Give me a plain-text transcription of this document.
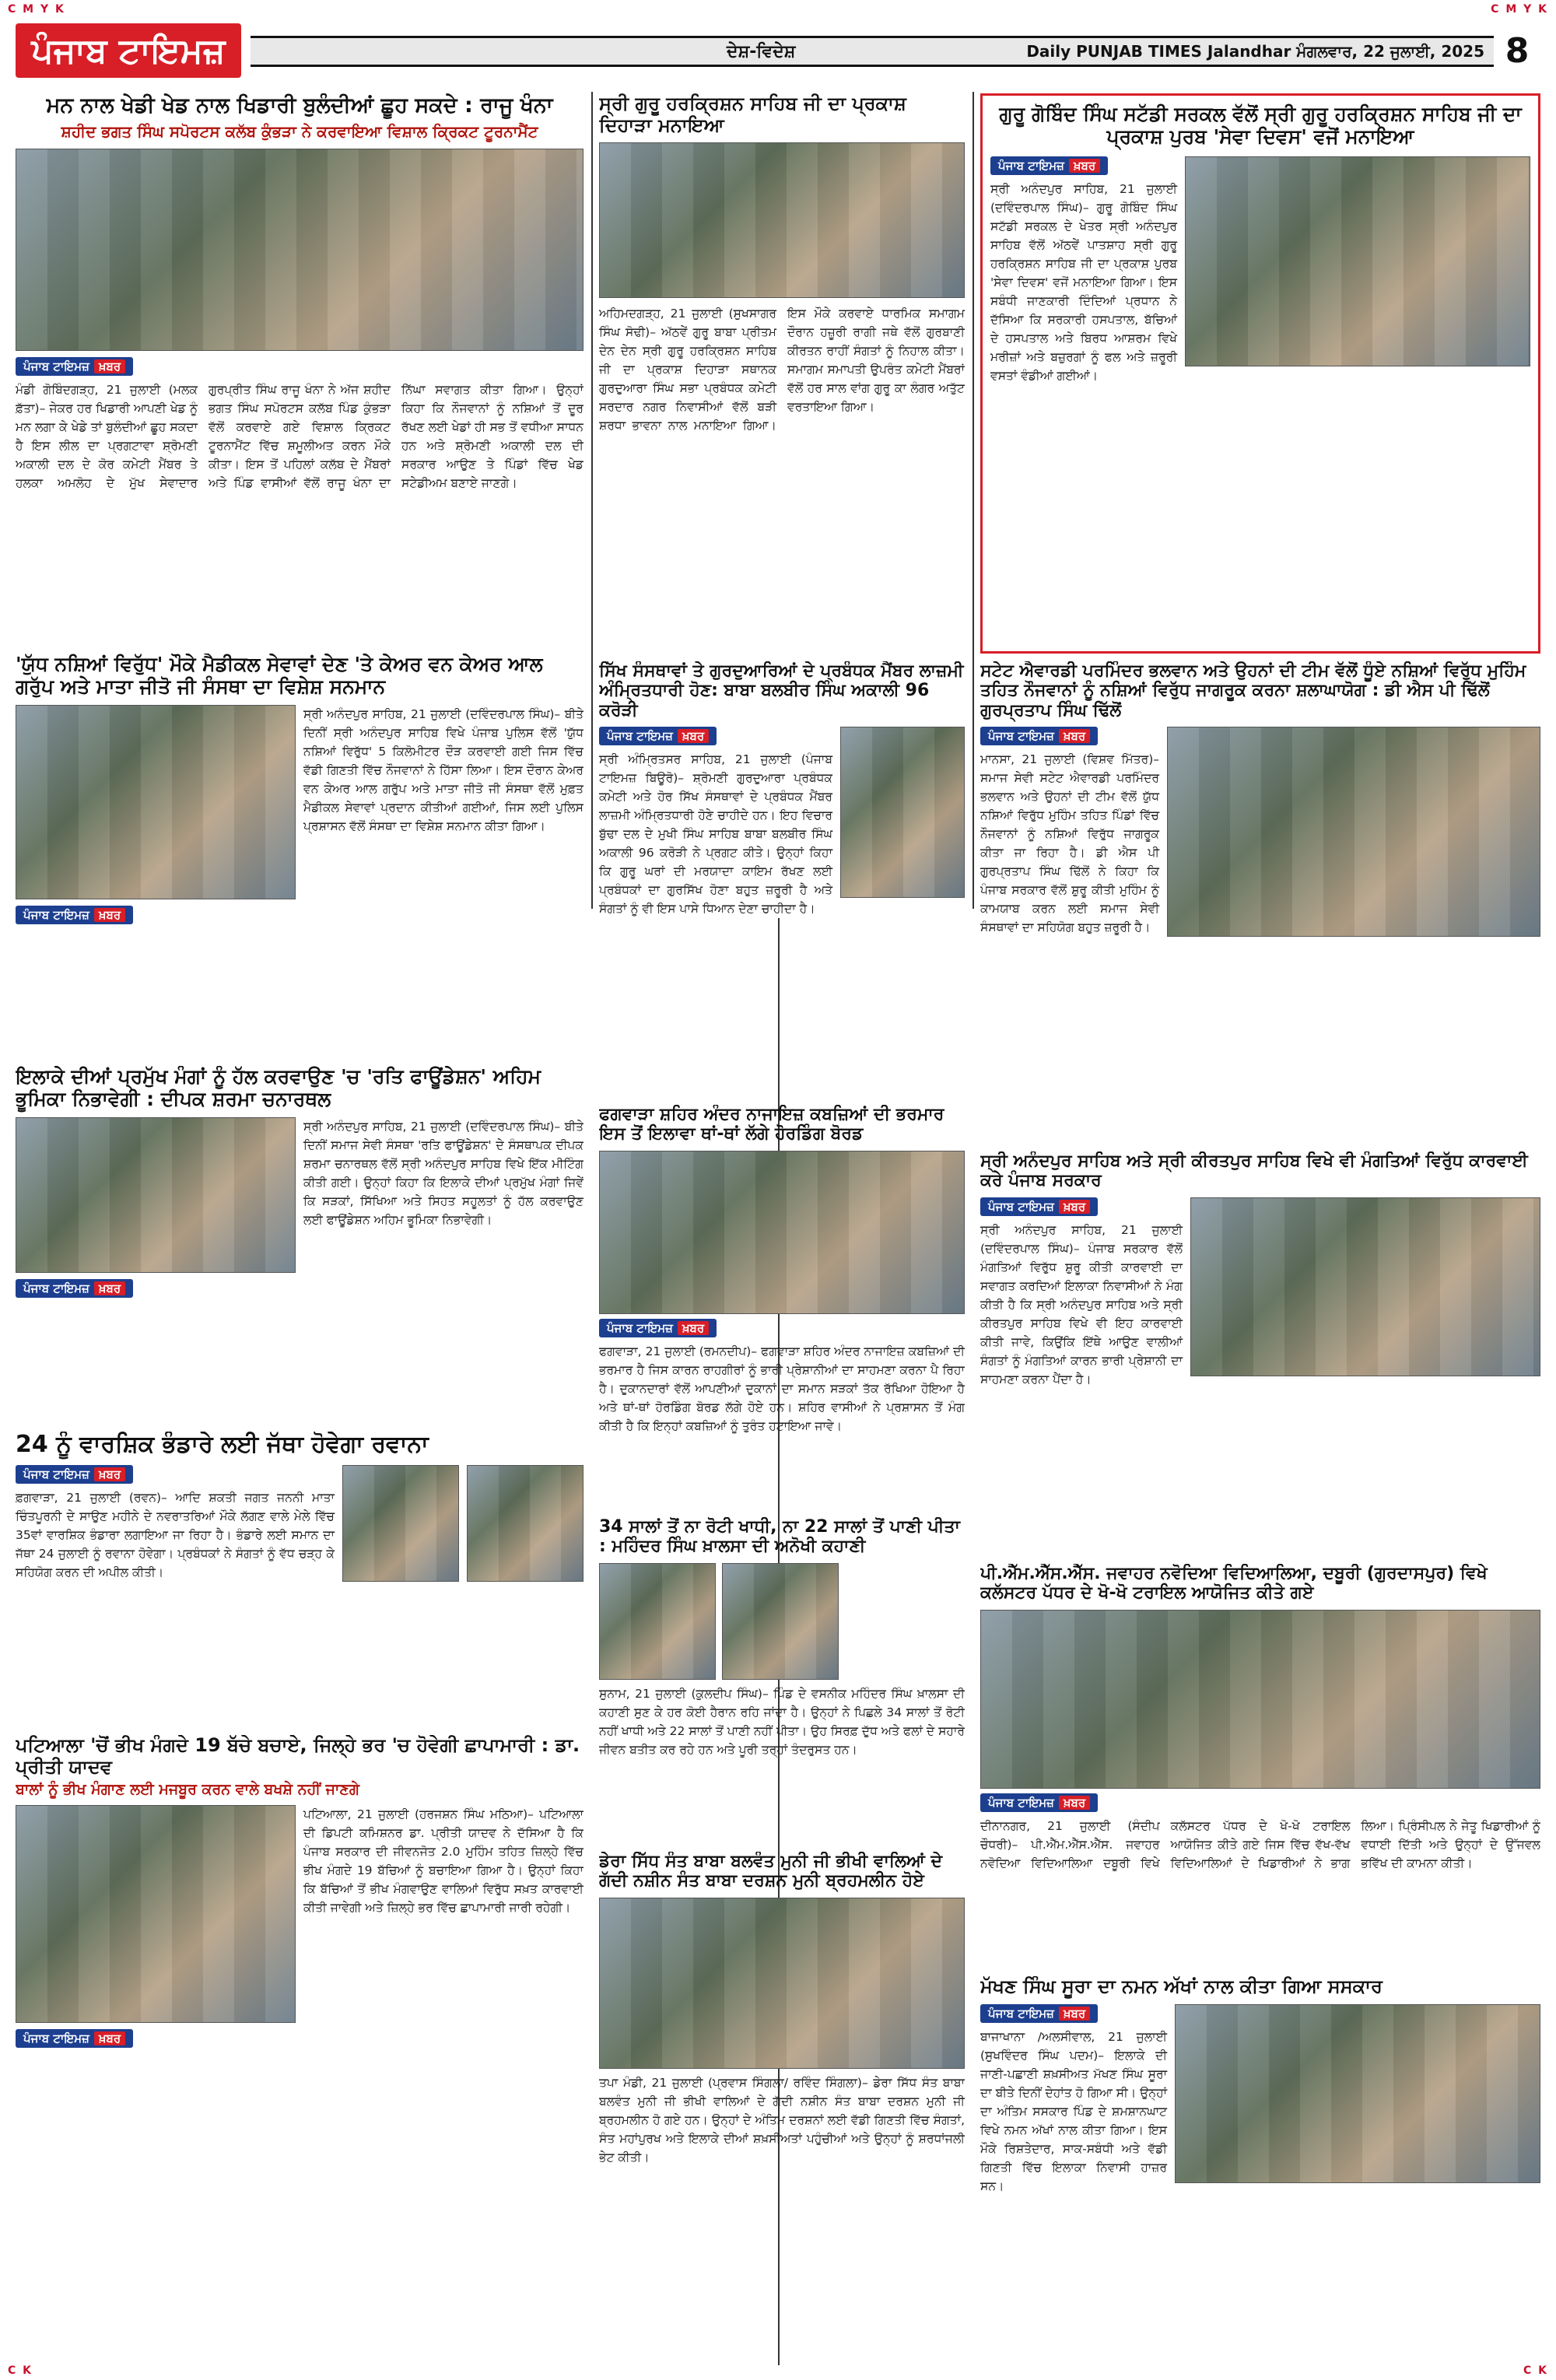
C M Y K	C M Y K
C K	C K
ਪੰਜਾਬ ਟਾਇਮਜ਼	ਦੇਸ਼-ਵਿਦੇਸ਼	Daily PUNJAB TIMES Jalandhar ਮੰਗਲਵਾਰ, 22 ਜੁਲਾਈ, 2025 8
ਮਨ ਨਾਲ ਖੇਡੀ ਖੇਡ ਨਾਲ ਖਿਡਾਰੀ ਬੁਲੰਦੀਆਂ ਛੂਹ ਸਕਦੇ : ਰਾਜੂ ਖੰਨਾ
ਸ਼ਹੀਦ ਭਗਤ ਸਿੰਘ ਸਪੋਰਟਸ ਕਲੱਬ ਕੁੰਭੜਾ ਨੇ ਕਰਵਾਇਆ ਵਿਸ਼ਾਲ ਕ੍ਰਿਕਟ ਟੂਰਨਾਮੈਂਟ
ਪੰਜਾਬ ਟਾਇਮਜ਼ ਖ਼ਬਰ

ਮੰਡੀ ਗੋਬਿੰਦਗੜ੍ਹ, 21 ਜੁਲਾਈ (ਮਲਕ ਫ਼ੱਤਾ)– ਜੇਕਰ ਹਰ ਖਿਡਾਰੀ ਆਪਣੀ ਖੇਡ ਨੂੰ ਮਨ ਲਗਾ ਕੇ ਖੇਡੇ ਤਾਂ ਬੁਲੰਦੀਆਂ ਛੂਹ ਸਕਦਾ ਹੈ ਇਸ ਲੀਲ ਦਾ ਪ੍ਰਗਟਾਵਾ ਸ਼੍ਰੋਮਣੀ ਅਕਾਲੀ ਦਲ ਦੇ ਕੋਰ ਕਮੇਟੀ ਮੈਂਬਰ ਤੇ ਹਲਕਾ ਅਮਲੋਹ ਦੇ ਮੁੱਖ ਸੇਵਾਦਾਰ ਗੁਰਪ੍ਰੀਤ ਸਿੰਘ ਰਾਜੂ ਖੰਨਾ ਨੇ ਅੱਜ ਸ਼ਹੀਦ ਭਗਤ ਸਿੰਘ ਸਪੋਰਟਸ ਕਲੱਬ ਪਿੰਡ ਕੁੰਭੜਾ ਵੱਲੋਂ ਕਰਵਾਏ ਗਏ ਵਿਸ਼ਾਲ ਕ੍ਰਿਕਟ ਟੂਰਨਾਮੈਂਟ ਵਿੱਚ ਸ਼ਮੂਲੀਅਤ ਕਰਨ ਮੌਕੇ ਕੀਤਾ। ਇਸ ਤੋਂ ਪਹਿਲਾਂ ਕਲੱਬ ਦੇ ਮੈਂਬਰਾਂ ਅਤੇ ਪਿੰਡ ਵਾਸੀਆਂ ਵੱਲੋਂ ਰਾਜੂ ਖੰਨਾ ਦਾ ਨਿੱਘਾ ਸਵਾਗਤ ਕੀਤਾ ਗਿਆ। ਉਨ੍ਹਾਂ ਕਿਹਾ ਕਿ ਨੌਜਵਾਨਾਂ ਨੂੰ ਨਸ਼ਿਆਂ ਤੋਂ ਦੂਰ ਰੱਖਣ ਲਈ ਖੇਡਾਂ ਹੀ ਸਭ ਤੋਂ ਵਧੀਆ ਸਾਧਨ ਹਨ ਅਤੇ ਸ਼੍ਰੋਮਣੀ ਅਕਾਲੀ ਦਲ ਦੀ ਸਰਕਾਰ ਆਉਣ ਤੇ ਪਿੰਡਾਂ ਵਿੱਚ ਖੇਡ ਸਟੇਡੀਅਮ ਬਣਾਏ ਜਾਣਗੇ।

ਸ੍ਰੀ ਗੁਰੂ ਹਰਕ੍ਰਿਸ਼ਨ ਸਾਹਿਬ ਜੀ ਦਾ ਪ੍ਰਕਾਸ਼ ਦਿਹਾੜਾ ਮਨਾਇਆ

ਅਹਿਮਦਗੜ੍ਹ, 21 ਜੁਲਾਈ (ਸੁਖਸਾਗਰ ਸਿੰਘ ਸੋਢੀ)– ਅੱਠਵੇਂ ਗੁਰੂ ਬਾਬਾ ਪ੍ਰੀਤਮ ਦੇਨ ਦੇਨ ਸ੍ਰੀ ਗੁਰੂ ਹਰਕ੍ਰਿਸ਼ਨ ਸਾਹਿਬ ਜੀ ਦਾ ਪ੍ਰਕਾਸ਼ ਦਿਹਾੜਾ ਸਥਾਨਕ ਗੁਰਦੁਆਰਾ ਸਿੰਘ ਸਭਾ ਪ੍ਰਬੰਧਕ ਕਮੇਟੀ ਸਰਦਾਰ ਨਗਰ ਨਿਵਾਸੀਆਂ ਵੱਲੋਂ ਬੜੀ ਸ਼ਰਧਾ ਭਾਵਨਾ ਨਾਲ ਮਨਾਇਆ ਗਿਆ। ਇਸ ਮੌਕੇ ਕਰਵਾਏ ਧਾਰਮਿਕ ਸਮਾਗਮ ਦੌਰਾਨ ਹਜ਼ੂਰੀ ਰਾਗੀ ਜਥੇ ਵੱਲੋਂ ਗੁਰਬਾਣੀ ਕੀਰਤਨ ਰਾਹੀਂ ਸੰਗਤਾਂ ਨੂੰ ਨਿਹਾਲ ਕੀਤਾ। ਸਮਾਗਮ ਸਮਾਪਤੀ ਉਪਰੰਤ ਕਮੇਟੀ ਮੈਂਬਰਾਂ ਵੱਲੋਂ ਹਰ ਸਾਲ ਵਾਂਗ ਗੁਰੂ ਕਾ ਲੰਗਰ ਅਤੁੱਟ ਵਰਤਾਇਆ ਗਿਆ।

ਗੁਰੂ ਗੋਬਿੰਦ ਸਿੰਘ ਸਟੱਡੀ ਸਰਕਲ ਵੱਲੋਂ ਸ੍ਰੀ ਗੁਰੂ ਹਰਕ੍ਰਿਸ਼ਨ ਸਾਹਿਬ ਜੀ ਦਾ ਪ੍ਰਕਾਸ਼ ਪੁਰਬ 'ਸੇਵਾ ਦਿਵਸ' ਵਜੋਂ ਮਨਾਇਆ
ਪੰਜਾਬ ਟਾਇਮਜ਼ ਖ਼ਬਰ

ਸ੍ਰੀ ਅਨੰਦਪੁਰ ਸਾਹਿਬ, 21 ਜੁਲਾਈ (ਦਵਿੰਦਰਪਾਲ ਸਿੰਘ)– ਗੁਰੂ ਗੋਬਿੰਦ ਸਿੰਘ ਸਟੱਡੀ ਸਰਕਲ ਦੇ ਖੇਤਰ ਸ੍ਰੀ ਅਨੰਦਪੁਰ ਸਾਹਿਬ ਵੱਲੋਂ ਅੱਠਵੇਂ ਪਾਤਸ਼ਾਹ ਸ੍ਰੀ ਗੁਰੂ ਹਰਕ੍ਰਿਸ਼ਨ ਸਾਹਿਬ ਜੀ ਦਾ ਪ੍ਰਕਾਸ਼ ਪੁਰਬ 'ਸੇਵਾ ਦਿਵਸ' ਵਜੋਂ ਮਨਾਇਆ ਗਿਆ। ਇਸ ਸਬੰਧੀ ਜਾਣਕਾਰੀ ਦਿੰਦਿਆਂ ਪ੍ਰਧਾਨ ਨੇ ਦੱਸਿਆ ਕਿ ਸਰਕਾਰੀ ਹਸਪਤਾਲ, ਬੱਚਿਆਂ ਦੇ ਹਸਪਤਾਲ ਅਤੇ ਬਿਰਧ ਆਸ਼ਰਮ ਵਿਖੇ ਮਰੀਜ਼ਾਂ ਅਤੇ ਬਜ਼ੁਰਗਾਂ ਨੂੰ ਫਲ ਅਤੇ ਜ਼ਰੂਰੀ ਵਸਤਾਂ ਵੰਡੀਆਂ ਗਈਆਂ।

ਸਿੱਖ ਸੰਸਥਾਵਾਂ ਤੇ ਗੁਰਦੁਆਰਿਆਂ ਦੇ ਪ੍ਰਬੰਧਕ ਮੈਂਬਰ ਲਾਜ਼ਮੀ ਅੰਮ੍ਰਿਤਧਾਰੀ ਹੋਣ: ਬਾਬਾ ਬਲਬੀਰ ਸਿੰਘ ਅਕਾਲੀ 96 ਕਰੋੜੀ
ਪੰਜਾਬ ਟਾਇਮਜ਼ ਖ਼ਬਰ

ਸ੍ਰੀ ਅੰਮ੍ਰਿਤਸਰ ਸਾਹਿਬ, 21 ਜੁਲਾਈ (ਪੰਜਾਬ ਟਾਇਮਜ਼ ਬਿਊਰੋ)– ਸ਼੍ਰੋਮਣੀ ਗੁਰਦੁਆਰਾ ਪ੍ਰਬੰਧਕ ਕਮੇਟੀ ਅਤੇ ਹੋਰ ਸਿੱਖ ਸੰਸਥਾਵਾਂ ਦੇ ਪ੍ਰਬੰਧਕ ਮੈਂਬਰ ਲਾਜ਼ਮੀ ਅੰਮ੍ਰਿਤਧਾਰੀ ਹੋਣੇ ਚਾਹੀਦੇ ਹਨ। ਇਹ ਵਿਚਾਰ ਬੁੱਢਾ ਦਲ ਦੇ ਮੁਖੀ ਸਿੰਘ ਸਾਹਿਬ ਬਾਬਾ ਬਲਬੀਰ ਸਿੰਘ ਅਕਾਲੀ 96 ਕਰੋੜੀ ਨੇ ਪ੍ਰਗਟ ਕੀਤੇ। ਉਨ੍ਹਾਂ ਕਿਹਾ ਕਿ ਗੁਰੂ ਘਰਾਂ ਦੀ ਮਰਯਾਦਾ ਕਾਇਮ ਰੱਖਣ ਲਈ ਪ੍ਰਬੰਧਕਾਂ ਦਾ ਗੁਰਸਿੱਖ ਹੋਣਾ ਬਹੁਤ ਜ਼ਰੂਰੀ ਹੈ ਅਤੇ ਸੰਗਤਾਂ ਨੂੰ ਵੀ ਇਸ ਪਾਸੇ ਧਿਆਨ ਦੇਣਾ ਚਾਹੀਦਾ ਹੈ।

'ਯੁੱਧ ਨਸ਼ਿਆਂ ਵਿਰੁੱਧ' ਮੌਕੇ ਮੈਡੀਕਲ ਸੇਵਾਵਾਂ ਦੇਣ 'ਤੇ ਕੇਅਰ ਵਨ ਕੇਅਰ ਆਲ ਗਰੁੱਪ ਅਤੇ ਮਾਤਾ ਜੀਤੋ ਜੀ ਸੰਸਥਾ ਦਾ ਵਿਸ਼ੇਸ਼ ਸਨਮਾਨ

ਸ੍ਰੀ ਅਨੰਦਪੁਰ ਸਾਹਿਬ, 21 ਜੁਲਾਈ (ਦਵਿੰਦਰਪਾਲ ਸਿੰਘ)– ਬੀਤੇ ਦਿਨੀਂ ਸ੍ਰੀ ਅਨੰਦਪੁਰ ਸਾਹਿਬ ਵਿਖੇ ਪੰਜਾਬ ਪੁਲਿਸ ਵੱਲੋਂ 'ਯੁੱਧ ਨਸ਼ਿਆਂ ਵਿਰੁੱਧ' 5 ਕਿਲੋਮੀਟਰ ਦੌੜ ਕਰਵਾਈ ਗਈ ਜਿਸ ਵਿੱਚ ਵੱਡੀ ਗਿਣਤੀ ਵਿੱਚ ਨੌਜਵਾਨਾਂ ਨੇ ਹਿੱਸਾ ਲਿਆ। ਇਸ ਦੌਰਾਨ ਕੇਅਰ ਵਨ ਕੇਅਰ ਆਲ ਗਰੁੱਪ ਅਤੇ ਮਾਤਾ ਜੀਤੋ ਜੀ ਸੰਸਥਾ ਵੱਲੋਂ ਮੁਫ਼ਤ ਮੈਡੀਕਲ ਸੇਵਾਵਾਂ ਪ੍ਰਦਾਨ ਕੀਤੀਆਂ ਗਈਆਂ, ਜਿਸ ਲਈ ਪੁਲਿਸ ਪ੍ਰਸ਼ਾਸਨ ਵੱਲੋਂ ਸੰਸਥਾ ਦਾ ਵਿਸ਼ੇਸ਼ ਸਨਮਾਨ ਕੀਤਾ ਗਿਆ।

ਪੰਜਾਬ ਟਾਇਮਜ਼ ਖ਼ਬਰ
ਸਟੇਟ ਐਵਾਰਡੀ ਪਰਮਿੰਦਰ ਭਲਵਾਨ ਅਤੇ ਉਹਨਾਂ ਦੀ ਟੀਮ ਵੱਲੋਂ ਧੂੰਏ ਨਸ਼ਿਆਂ ਵਿਰੁੱਧ ਮੁਹਿੰਮ ਤਹਿਤ ਨੌਜਵਾਨਾਂ ਨੂੰ ਨਸ਼ਿਆਂ ਵਿਰੁੱਧ ਜਾਗਰੂਕ ਕਰਨਾ ਸ਼ਲਾਘਾਯੋਗ : ਡੀ ਐਸ ਪੀ ਢਿੱਲੋਂ ਗੁਰਪ੍ਰਤਾਪ ਸਿੰਘ ਢਿੱਲੋਂ
ਪੰਜਾਬ ਟਾਇਮਜ਼ ਖ਼ਬਰ

ਮਾਨਸਾ, 21 ਜੁਲਾਈ (ਵਿਸ਼ਵ ਮਿੱਤਰ)– ਸਮਾਜ ਸੇਵੀ ਸਟੇਟ ਐਵਾਰਡੀ ਪਰਮਿੰਦਰ ਭਲਵਾਨ ਅਤੇ ਉਹਨਾਂ ਦੀ ਟੀਮ ਵੱਲੋਂ ਯੁੱਧ ਨਸ਼ਿਆਂ ਵਿਰੁੱਧ ਮੁਹਿੰਮ ਤਹਿਤ ਪਿੰਡਾਂ ਵਿੱਚ ਨੌਜਵਾਨਾਂ ਨੂੰ ਨਸ਼ਿਆਂ ਵਿਰੁੱਧ ਜਾਗਰੂਕ ਕੀਤਾ ਜਾ ਰਿਹਾ ਹੈ। ਡੀ ਐਸ ਪੀ ਗੁਰਪ੍ਰਤਾਪ ਸਿੰਘ ਢਿੱਲੋਂ ਨੇ ਕਿਹਾ ਕਿ ਪੰਜਾਬ ਸਰਕਾਰ ਵੱਲੋਂ ਸ਼ੁਰੂ ਕੀਤੀ ਮੁਹਿੰਮ ਨੂੰ ਕਾਮਯਾਬ ਕਰਨ ਲਈ ਸਮਾਜ ਸੇਵੀ ਸੰਸਥਾਵਾਂ ਦਾ ਸਹਿਯੋਗ ਬਹੁਤ ਜ਼ਰੂਰੀ ਹੈ।

ਫਗਵਾੜਾ ਸ਼ਹਿਰ ਅੰਦਰ ਨਾਜਾਇਜ਼ ਕਬਜ਼ਿਆਂ ਦੀ ਭਰਮਾਰ ਇਸ ਤੋਂ ਇਲਾਵਾ ਥਾਂ-ਥਾਂ ਲੱਗੇ ਹੋਰਡਿੰਗ ਬੋਰਡ
ਪੰਜਾਬ ਟਾਇਮਜ਼ ਖ਼ਬਰ

ਫਗਵਾੜਾ, 21 ਜੁਲਾਈ (ਰਮਨਦੀਪ)– ਫਗਵਾੜਾ ਸ਼ਹਿਰ ਅੰਦਰ ਨਾਜਾਇਜ਼ ਕਬਜ਼ਿਆਂ ਦੀ ਭਰਮਾਰ ਹੈ ਜਿਸ ਕਾਰਨ ਰਾਹਗੀਰਾਂ ਨੂੰ ਭਾਰੀ ਪ੍ਰੇਸ਼ਾਨੀਆਂ ਦਾ ਸਾਹਮਣਾ ਕਰਨਾ ਪੈ ਰਿਹਾ ਹੈ। ਦੁਕਾਨਦਾਰਾਂ ਵੱਲੋਂ ਆਪਣੀਆਂ ਦੁਕਾਨਾਂ ਦਾ ਸਮਾਨ ਸੜਕਾਂ ਤੱਕ ਰੱਖਿਆ ਹੋਇਆ ਹੈ ਅਤੇ ਥਾਂ-ਥਾਂ ਹੋਰਡਿੰਗ ਬੋਰਡ ਲੱਗੇ ਹੋਏ ਹਨ। ਸ਼ਹਿਰ ਵਾਸੀਆਂ ਨੇ ਪ੍ਰਸ਼ਾਸਨ ਤੋਂ ਮੰਗ ਕੀਤੀ ਹੈ ਕਿ ਇਨ੍ਹਾਂ ਕਬਜ਼ਿਆਂ ਨੂੰ ਤੁਰੰਤ ਹਟਾਇਆ ਜਾਵੇ।

ਇਲਾਕੇ ਦੀਆਂ ਪ੍ਰਮੁੱਖ ਮੰਗਾਂ ਨੂੰ ਹੱਲ ਕਰਵਾਉਣ 'ਚ 'ਰਤਿ ਫਾਊਂਡੇਸ਼ਨ' ਅਹਿਮ ਭੂਮਿਕਾ ਨਿਭਾਵੇਗੀ : ਦੀਪਕ ਸ਼ਰਮਾ ਚਨਾਰਥਲ

ਸ੍ਰੀ ਅਨੰਦਪੁਰ ਸਾਹਿਬ, 21 ਜੁਲਾਈ (ਦਵਿੰਦਰਪਾਲ ਸਿੰਘ)– ਬੀਤੇ ਦਿਨੀਂ ਸਮਾਜ ਸੇਵੀ ਸੰਸਥਾ 'ਰਤਿ ਫਾਊਂਡੇਸ਼ਨ' ਦੇ ਸੰਸਥਾਪਕ ਦੀਪਕ ਸ਼ਰਮਾ ਚਨਾਰਥਲ ਵੱਲੋਂ ਸ੍ਰੀ ਅਨੰਦਪੁਰ ਸਾਹਿਬ ਵਿਖੇ ਇੱਕ ਮੀਟਿੰਗ ਕੀਤੀ ਗਈ। ਉਨ੍ਹਾਂ ਕਿਹਾ ਕਿ ਇਲਾਕੇ ਦੀਆਂ ਪ੍ਰਮੁੱਖ ਮੰਗਾਂ ਜਿਵੇਂ ਕਿ ਸੜਕਾਂ, ਸਿੱਖਿਆ ਅਤੇ ਸਿਹਤ ਸਹੂਲਤਾਂ ਨੂੰ ਹੱਲ ਕਰਵਾਉਣ ਲਈ ਫਾਊਂਡੇਸ਼ਨ ਅਹਿਮ ਭੂਮਿਕਾ ਨਿਭਾਵੇਗੀ।

ਪੰਜਾਬ ਟਾਇਮਜ਼ ਖ਼ਬਰ
ਸ੍ਰੀ ਅਨੰਦਪੁਰ ਸਾਹਿਬ ਅਤੇ ਸ੍ਰੀ ਕੀਰਤਪੁਰ ਸਾਹਿਬ ਵਿਖੇ ਵੀ ਮੰਗਤਿਆਂ ਵਿਰੁੱਧ ਕਾਰਵਾਈ ਕਰੇ ਪੰਜਾਬ ਸਰਕਾਰ
ਪੰਜਾਬ ਟਾਇਮਜ਼ ਖ਼ਬਰ

ਸ੍ਰੀ ਅਨੰਦਪੁਰ ਸਾਹਿਬ, 21 ਜੁਲਾਈ (ਦਵਿੰਦਰਪਾਲ ਸਿੰਘ)– ਪੰਜਾਬ ਸਰਕਾਰ ਵੱਲੋਂ ਮੰਗਤਿਆਂ ਵਿਰੁੱਧ ਸ਼ੁਰੂ ਕੀਤੀ ਕਾਰਵਾਈ ਦਾ ਸਵਾਗਤ ਕਰਦਿਆਂ ਇਲਾਕਾ ਨਿਵਾਸੀਆਂ ਨੇ ਮੰਗ ਕੀਤੀ ਹੈ ਕਿ ਸ੍ਰੀ ਅਨੰਦਪੁਰ ਸਾਹਿਬ ਅਤੇ ਸ੍ਰੀ ਕੀਰਤਪੁਰ ਸਾਹਿਬ ਵਿਖੇ ਵੀ ਇਹ ਕਾਰਵਾਈ ਕੀਤੀ ਜਾਵੇ, ਕਿਉਂਕਿ ਇੱਥੇ ਆਉਣ ਵਾਲੀਆਂ ਸੰਗਤਾਂ ਨੂੰ ਮੰਗਤਿਆਂ ਕਾਰਨ ਭਾਰੀ ਪ੍ਰੇਸ਼ਾਨੀ ਦਾ ਸਾਹਮਣਾ ਕਰਨਾ ਪੈਂਦਾ ਹੈ।

24 ਨੂੰ ਵਾਰਸ਼ਿਕ ਭੰਡਾਰੇ ਲਈ ਜੱਥਾ ਹੋਵੇਗਾ ਰਵਾਨਾ
ਪੰਜਾਬ ਟਾਇਮਜ਼ ਖ਼ਬਰ

ਫ਼ਗਵਾੜਾ, 21 ਜੁਲਾਈ (ਰਵਨ)– ਆਦਿ ਸ਼ਕਤੀ ਜਗਤ ਜਨਨੀ ਮਾਤਾ ਚਿੰਤਪੂਰਨੀ ਦੇ ਸਾਉਣ ਮਹੀਨੇ ਦੇ ਨਵਰਾਤਰਿਆਂ ਮੌਕੇ ਲੱਗਣ ਵਾਲੇ ਮੇਲੇ ਵਿੱਚ 35ਵਾਂ ਵਾਰਸ਼ਿਕ ਭੰਡਾਰਾ ਲਗਾਇਆ ਜਾ ਰਿਹਾ ਹੈ। ਭੰਡਾਰੇ ਲਈ ਸਮਾਨ ਦਾ ਜੱਥਾ 24 ਜੁਲਾਈ ਨੂੰ ਰਵਾਨਾ ਹੋਵੇਗਾ। ਪ੍ਰਬੰਧਕਾਂ ਨੇ ਸੰਗਤਾਂ ਨੂੰ ਵੱਧ ਚੜ੍ਹ ਕੇ ਸਹਿਯੋਗ ਕਰਨ ਦੀ ਅਪੀਲ ਕੀਤੀ।

34 ਸਾਲਾਂ ਤੋਂ ਨਾ ਰੋਟੀ ਖਾਧੀ, ਨਾ 22 ਸਾਲਾਂ ਤੋਂ ਪਾਣੀ ਪੀਤਾ : ਮਹਿੰਦਰ ਸਿੰਘ ਖ਼ਾਲਸਾ ਦੀ ਅਨੋਖੀ ਕਹਾਣੀ

ਸੁਨਾਮ, 21 ਜੁਲਾਈ (ਕੁਲਦੀਪ ਸਿੰਘ)– ਪਿੰਡ ਦੇ ਵਸਨੀਕ ਮਹਿੰਦਰ ਸਿੰਘ ਖ਼ਾਲਸਾ ਦੀ ਕਹਾਣੀ ਸੁਣ ਕੇ ਹਰ ਕੋਈ ਹੈਰਾਨ ਰਹਿ ਜਾਂਦਾ ਹੈ। ਉਨ੍ਹਾਂ ਨੇ ਪਿਛਲੇ 34 ਸਾਲਾਂ ਤੋਂ ਰੋਟੀ ਨਹੀਂ ਖਾਧੀ ਅਤੇ 22 ਸਾਲਾਂ ਤੋਂ ਪਾਣੀ ਨਹੀਂ ਪੀਤਾ। ਉਹ ਸਿਰਫ਼ ਦੁੱਧ ਅਤੇ ਫਲਾਂ ਦੇ ਸਹਾਰੇ ਜੀਵਨ ਬਤੀਤ ਕਰ ਰਹੇ ਹਨ ਅਤੇ ਪੂਰੀ ਤਰ੍ਹਾਂ ਤੰਦਰੁਸਤ ਹਨ।

ਪੀ.ਐੱਮ.ਐੱਸ.ਐੱਸ. ਜਵਾਹਰ ਨਵੋਦਿਆ ਵਿਦਿਆਲਿਆ, ਦਬੂਰੀ (ਗੁਰਦਾਸਪੁਰ) ਵਿਖੇ ਕਲੱਸਟਰ ਪੱਧਰ ਦੇ ਖੋ-ਖੋ ਟਰਾਇਲ ਆਯੋਜਿਤ ਕੀਤੇ ਗਏ
ਪੰਜਾਬ ਟਾਇਮਜ਼ ਖ਼ਬਰ

ਦੀਨਾਨਗਰ, 21 ਜੁਲਾਈ (ਸੰਦੀਪ ਚੌਧਰੀ)– ਪੀ.ਐੱਮ.ਐੱਸ.ਐੱਸ. ਜਵਾਹਰ ਨਵੋਦਿਆ ਵਿਦਿਆਲਿਆ ਦਬੂਰੀ ਵਿਖੇ ਕਲੱਸਟਰ ਪੱਧਰ ਦੇ ਖੋ-ਖੋ ਟਰਾਇਲ ਆਯੋਜਿਤ ਕੀਤੇ ਗਏ ਜਿਸ ਵਿੱਚ ਵੱਖ-ਵੱਖ ਵਿਦਿਆਲਿਆਂ ਦੇ ਖਿਡਾਰੀਆਂ ਨੇ ਭਾਗ ਲਿਆ। ਪ੍ਰਿੰਸੀਪਲ ਨੇ ਜੇਤੂ ਖਿਡਾਰੀਆਂ ਨੂੰ ਵਧਾਈ ਦਿੱਤੀ ਅਤੇ ਉਨ੍ਹਾਂ ਦੇ ਉੱਜਵਲ ਭਵਿੱਖ ਦੀ ਕਾਮਨਾ ਕੀਤੀ।

ਪਟਿਆਲਾ 'ਚੋਂ ਭੀਖ ਮੰਗਦੇ 19 ਬੱਚੇ ਬਚਾਏ, ਜਿਲ੍ਹੇ ਭਰ 'ਚ ਹੋਵੇਗੀ ਛਾਪਾਮਾਰੀ : ਡਾ. ਪ੍ਰੀਤੀ ਯਾਦਵ
ਬਾਲਾਂ ਨੂੰ ਭੀਖ ਮੰਗਾਣ ਲਈ ਮਜਬੂਰ ਕਰਨ ਵਾਲੇ ਬਖਸ਼ੇ ਨਹੀਂ ਜਾਣਗੇ

ਪਟਿਆਲਾ, 21 ਜੁਲਾਈ (ਹਰਜਸ਼ਨ ਸਿੰਘ ਮਠਿਆ)– ਪਟਿਆਲਾ ਦੀ ਡਿਪਟੀ ਕਮਿਸ਼ਨਰ ਡਾ. ਪ੍ਰੀਤੀ ਯਾਦਵ ਨੇ ਦੱਸਿਆ ਹੈ ਕਿ ਪੰਜਾਬ ਸਰਕਾਰ ਦੀ ਜੀਵਨਜੋਤ 2.0 ਮੁਹਿੰਮ ਤਹਿਤ ਜ਼ਿਲ੍ਹੇ ਵਿੱਚ ਭੀਖ ਮੰਗਦੇ 19 ਬੱਚਿਆਂ ਨੂੰ ਬਚਾਇਆ ਗਿਆ ਹੈ। ਉਨ੍ਹਾਂ ਕਿਹਾ ਕਿ ਬੱਚਿਆਂ ਤੋਂ ਭੀਖ ਮੰਗਵਾਉਣ ਵਾਲਿਆਂ ਵਿਰੁੱਧ ਸਖ਼ਤ ਕਾਰਵਾਈ ਕੀਤੀ ਜਾਵੇਗੀ ਅਤੇ ਜ਼ਿਲ੍ਹੇ ਭਰ ਵਿੱਚ ਛਾਪਾਮਾਰੀ ਜਾਰੀ ਰਹੇਗੀ।

ਪੰਜਾਬ ਟਾਇਮਜ਼ ਖ਼ਬਰ
ਡੇਰਾ ਸਿੱਧ ਸੰਤ ਬਾਬਾ ਬਲਵੰਤ ਮੁਨੀ ਜੀ ਭੀਖੀ ਵਾਲਿਆਂ ਦੇ ਗੱਦੀ ਨਸ਼ੀਨ ਸੰਤ ਬਾਬਾ ਦਰਸ਼ਨ ਮੁਨੀ ਬ੍ਰਹਮਲੀਨ ਹੋਏ

ਤਪਾ ਮੰਡੀ, 21 ਜੁਲਾਈ (ਪ੍ਰਵਾਸ ਸਿੰਗਲਾ/ ਰਵਿੰਦ ਸਿੰਗਲਾ)– ਡੇਰਾ ਸਿੱਧ ਸੰਤ ਬਾਬਾ ਬਲਵੰਤ ਮੁਨੀ ਜੀ ਭੀਖੀ ਵਾਲਿਆਂ ਦੇ ਗੱਦੀ ਨਸ਼ੀਨ ਸੰਤ ਬਾਬਾ ਦਰਸ਼ਨ ਮੁਨੀ ਜੀ ਬ੍ਰਹਮਲੀਨ ਹੋ ਗਏ ਹਨ। ਉਨ੍ਹਾਂ ਦੇ ਅੰਤਿਮ ਦਰਸ਼ਨਾਂ ਲਈ ਵੱਡੀ ਗਿਣਤੀ ਵਿੱਚ ਸੰਗਤਾਂ, ਸੰਤ ਮਹਾਂਪੁਰਖ ਅਤੇ ਇਲਾਕੇ ਦੀਆਂ ਸ਼ਖ਼ਸੀਅਤਾਂ ਪਹੁੰਚੀਆਂ ਅਤੇ ਉਨ੍ਹਾਂ ਨੂੰ ਸ਼ਰਧਾਂਜਲੀ ਭੇਟ ਕੀਤੀ।

ਮੱਖਣ ਸਿੰਘ ਸੂਰਾ ਦਾ ਨਮਨ ਅੱਖਾਂ ਨਾਲ ਕੀਤਾ ਗਿਆ ਸਸਕਾਰ
ਪੰਜਾਬ ਟਾਇਮਜ਼ ਖ਼ਬਰ

ਬਾਜਾਖਾਨਾ /ਅਲਸੀਵਾਲ, 21 ਜੁਲਾਈ (ਸੁਖਵਿੰਦਰ ਸਿੰਘ ਪਦਮ)– ਇਲਾਕੇ ਦੀ ਜਾਣੀ-ਪਛਾਣੀ ਸ਼ਖ਼ਸੀਅਤ ਮੱਖਣ ਸਿੰਘ ਸੂਰਾ ਦਾ ਬੀਤੇ ਦਿਨੀਂ ਦੇਹਾਂਤ ਹੋ ਗਿਆ ਸੀ। ਉਨ੍ਹਾਂ ਦਾ ਅੰਤਿਮ ਸਸਕਾਰ ਪਿੰਡ ਦੇ ਸ਼ਮਸ਼ਾਨਘਾਟ ਵਿਖੇ ਨਮਨ ਅੱਖਾਂ ਨਾਲ ਕੀਤਾ ਗਿਆ। ਇਸ ਮੌਕੇ ਰਿਸ਼ਤੇਦਾਰ, ਸਾਕ-ਸਬੰਧੀ ਅਤੇ ਵੱਡੀ ਗਿਣਤੀ ਵਿੱਚ ਇਲਾਕਾ ਨਿਵਾਸੀ ਹਾਜ਼ਰ ਸਨ।
